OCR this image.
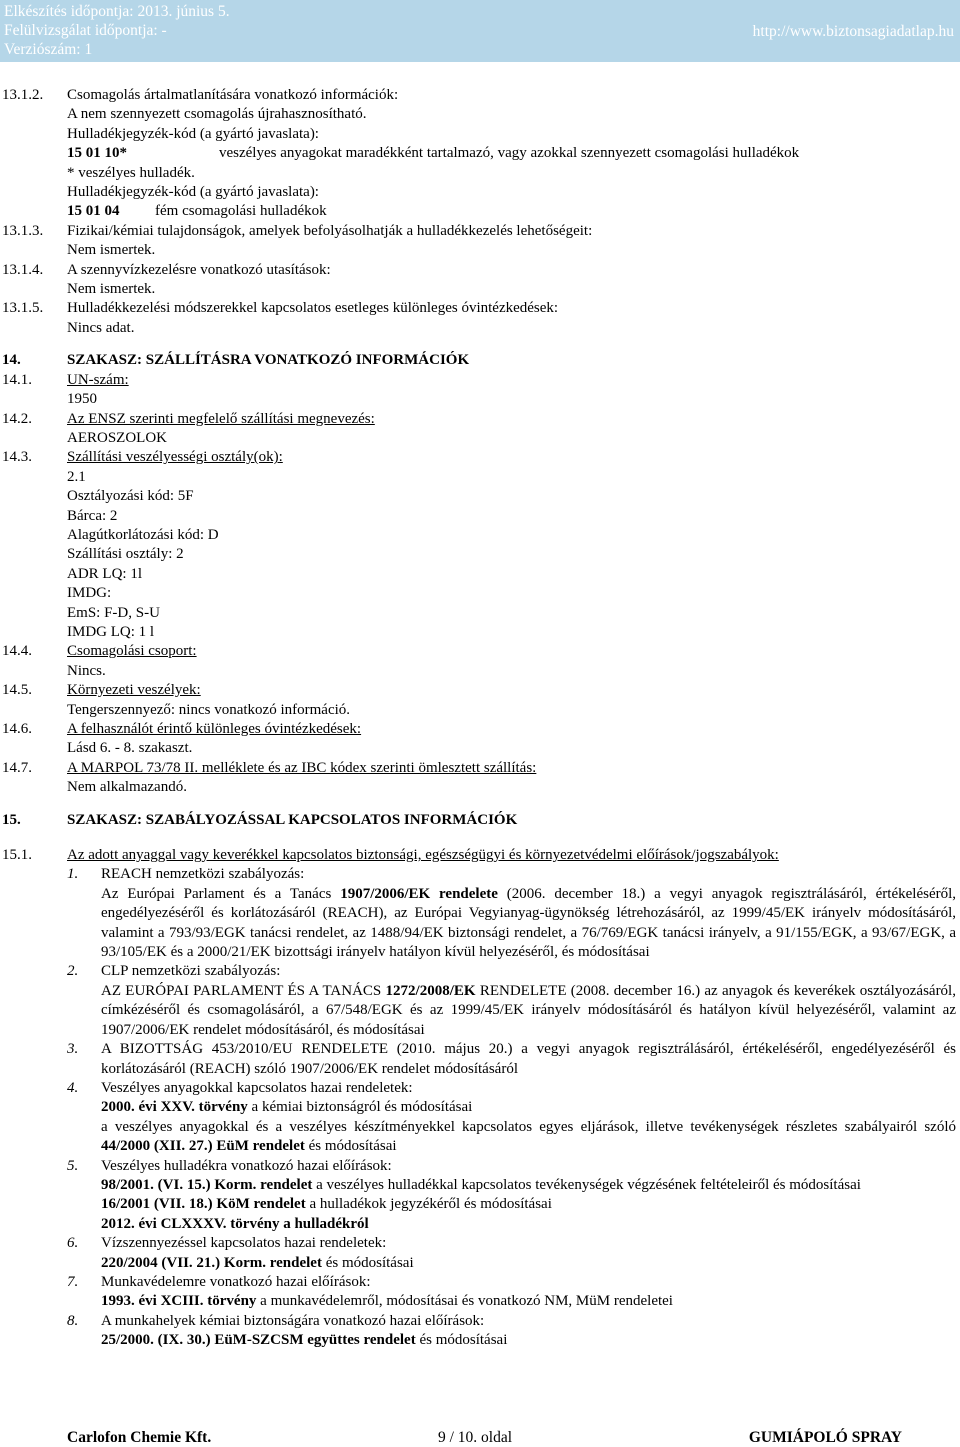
Elkészítés időpontja: 2013. június 5.
Felülvizsgálat időpontja: -
Verziószám: 1
http://www.biztonsagiadatlap.hu
13.1.2. Csomagolás ártalmatlanítására vonatkozó információk:
A nem szennyezett csomagolás újrahasznosítható.
Hulladékjegyzék-kód (a gyártó javaslata):
15 01 10*	veszélyes anyagokat maradékként tartalmazó, vagy azokkal szennyezett csomagolási hulladékok
* veszélyes hulladék.
Hulladékjegyzék-kód (a gyártó javaslata):
15 01 04 fém csomagolási hulladékok
13.1.3. Fizikai/kémiai tulajdonságok, amelyek befolyásolhatják a hulladékkezelés lehetőségeit:
Nem ismertek.
13.1.4. A szennyvízkezelésre vonatkozó utasítások:
Nem ismertek.
13.1.5. Hulladékkezelési módszerekkel kapcsolatos esetleges különleges óvintézkedések:
Nincs adat.
14.	SZAKASZ: SZÁLLÍTÁSRA VONATKOZÓ INFORMÁCIÓK
14.1. UN-szám:
1950
14.2. Az ENSZ szerinti megfelelő szállítási megnevezés:
AEROSZOLOK
14.3. Szállítási veszélyességi osztály(ok):
2.1
Osztályozási kód: 5F
Bárca: 2
Alagútkorlátozási kód: D
Szállítási osztály: 2
ADR LQ: 1l
IMDG:
EmS: F-D, S-U
IMDG LQ: 1 l
14.4. Csomagolási csoport:
Nincs.
14.5. Környezeti veszélyek:
Tengerszennyező: nincs vonatkozó információ.
14.6. A felhasználót érintő különleges óvintézkedések:
Lásd 6. - 8. szakaszt.
14.7. A MARPOL 73/78 II. melléklete és az IBC kódex szerinti ömlesztett szállítás:
Nem alkalmazandó.
15.	SZAKASZ: SZABÁLYOZÁSSAL KAPCSOLATOS INFORMÁCIÓK
15.1. Az adott anyaggal vagy keverékkel kapcsolatos biztonsági, egészségügyi és környezetvédelmi előírások/jogszabályok:
1. REACH nemzetközi szabályozás:
Az Európai Parlament és a Tanács 1907/2006/EK rendelete (2006. december 18.) a vegyi anyagok regisztrálásáról, értékeléséről, engedélyezéséről és korlátozásáról (REACH), az Európai Vegyianyag-ügynökség létrehozásáról, az 1999/45/EK irányelv módosításáról, valamint a 793/93/EGK tanácsi rendelet, az 1488/94/EK biztonsági rendelet, a 76/769/EGK tanácsi irányelv, a 91/155/EGK, a 93/67/EGK, a 93/105/EK és a 2000/21/EK bizottsági irányelv hatályon kívül helyezéséről, és módosításai
2. CLP nemzetközi szabályozás:
AZ EURÓPAI PARLAMENT ÉS A TANÁCS 1272/2008/EK RENDELETE (2008. december 16.) az anyagok és keverékek osztályozásáról, címkézéséről és csomagolásáról, a 67/548/EGK és az 1999/45/EK irányelv módosításáról és hatályon kívül helyezéséről, valamint az 1907/2006/EK rendelet módosításáról, és módosításai
3. A BIZOTTSÁG 453/2010/EU RENDELETE (2010. május 20.) a vegyi anyagok regisztrálásáról, értékeléséről, engedélyezéséről és korlátozásáról (REACH) szóló 1907/2006/EK rendelet módosításáról
4. Veszélyes anyagokkal kapcsolatos hazai rendeletek:
2000. évi XXV. törvény a kémiai biztonságról és módosításai
a veszélyes anyagokkal és a veszélyes készítményekkel kapcsolatos egyes eljárások, illetve tevékenységek részletes szabályairól szóló 44/2000 (XII. 27.) EüM rendelet és módosításai
5. Veszélyes hulladékra vonatkozó hazai előírások:
98/2001. (VI. 15.) Korm. rendelet a veszélyes hulladékkal kapcsolatos tevékenységek végzésének feltételeiről és módosításai
16/2001 (VII. 18.) KöM rendelet a hulladékok jegyzékéről és módosításai
2012. évi CLXXXV. törvény a hulladékról
6. Vízszennyezéssel kapcsolatos hazai rendeletek:
220/2004 (VII. 21.) Korm. rendelet és módosításai
7. Munkavédelemre vonatkozó hazai előírások:
1993. évi XCIII. törvény a munkavédelemről, módosításai és vonatkozó NM, MüM rendeletei
8. A munkahelyek kémiai biztonságára vonatkozó hazai előírások:
25/2000. (IX. 30.) EüM-SZCSM együttes rendelet és módosításai
Carlofon Chemie Kft.	9 / 10. oldal	GUMIÁPOLÓ SPRAY
